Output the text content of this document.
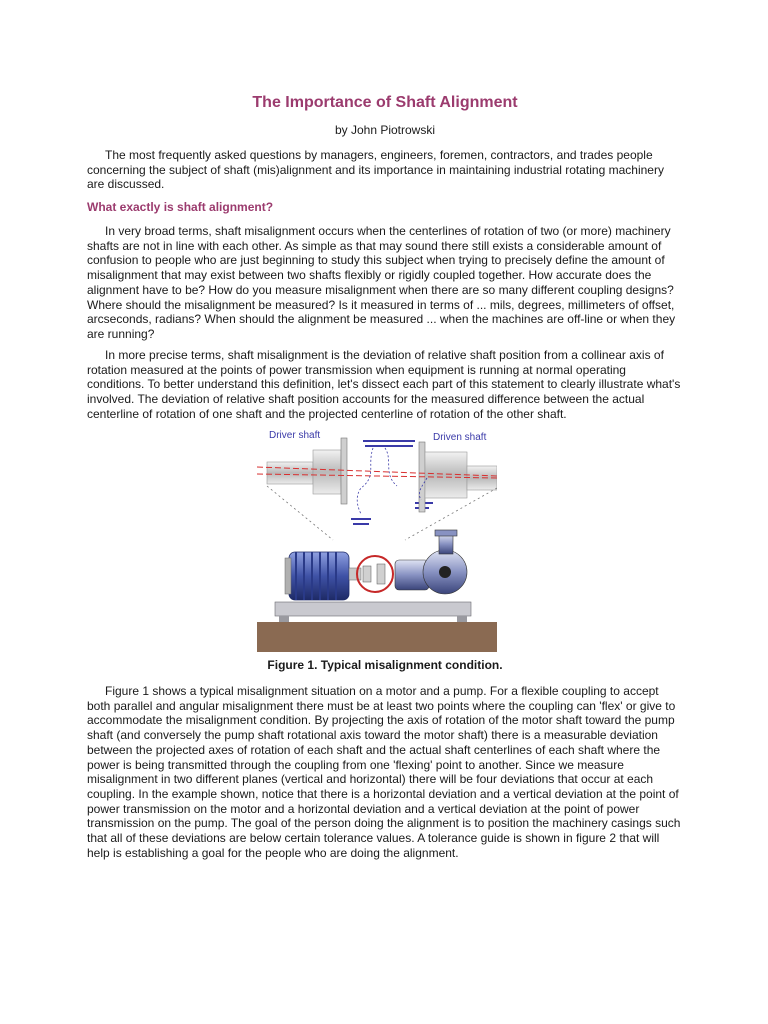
The Importance of Shaft Alignment

by John Piotrowski

The most frequently asked questions by managers, engineers, foremen, contractors, and trades people concerning the subject of shaft (mis)alignment and its importance in maintaining industrial rotating machinery are discussed.

What exactly is shaft alignment?

In very broad terms, shaft misalignment occurs when the centerlines of rotation of two (or more) machinery shafts are not in line with each other. As simple as that may sound there still exists a considerable amount of confusion to people who are just beginning to study this subject when trying to precisely define the amount of misalignment that may exist between two shafts flexibly or rigidly coupled together. How accurate does the alignment have to be? How do you measure misalignment when there are so many different coupling designs? Where should the misalignment be measured? Is it measured in terms of ... mils, degrees, millimeters of offset, arcseconds, radians? When should the alignment be measured ... when the machines are off-line or when they are running?

In more precise terms, shaft misalignment is the deviation of relative shaft position from a collinear axis of rotation measured at the points of power transmission when equipment is running at normal operating conditions. To better understand this definition, let's dissect each part of this statement to clearly illustrate what's involved. The deviation of relative shaft position accounts for the measured difference between the actual centerline of rotation of one shaft and the projected centerline of rotation of the other shaft.

Driver shaft	Driven shaft

Figure 1. Typical misalignment condition.

Figure 1 shows a typical misalignment situation on a motor and a pump. For a flexible coupling to accept both parallel and angular misalignment there must be at least two points where the coupling can 'flex' or give to accommodate the misalignment condition. By projecting the axis of rotation of the motor shaft toward the pump shaft (and conversely the pump shaft rotational axis toward the motor shaft) there is a measurable deviation between the projected axes of rotation of each shaft and the actual shaft centerlines of each shaft where the power is being transmitted through the coupling from one 'flexing' point to another. Since we measure misalignment in two different planes (vertical and horizontal) there will be four deviations that occur at each coupling. In the example shown, notice that there is a horizontal deviation and a vertical deviation at the point of power transmission on the motor and a horizontal deviation and a vertical deviation at the point of power transmission on the pump. The goal of the person doing the alignment is to position the machinery casings such that all of these deviations are below certain tolerance values. A tolerance guide is shown in figure 2 that will help is establishing a goal for the people who are doing the alignment.
